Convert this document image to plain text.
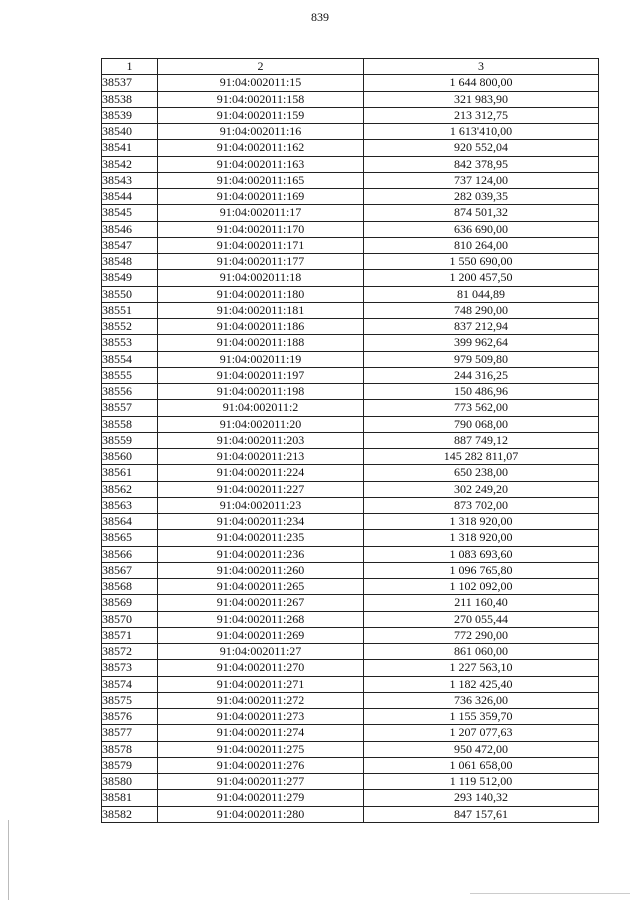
839
1	2	3
38537	91:04:002011:15	1 644 800,00
38538	91:04:002011:158	321 983,90
38539	91:04:002011:159	213 312,75
38540	91:04:002011:16	1 613'410,00
38541	91:04:002011:162	920 552,04
38542	91:04:002011:163	842 378,95
38543	91:04:002011:165	737 124,00
38544	91:04:002011:169	282 039,35
38545	91:04:002011:17	874 501,32
38546	91:04:002011:170	636 690,00
38547	91:04:002011:171	810 264,00
38548	91:04:002011:177	1 550 690,00
38549	91:04:002011:18	1 200 457,50
38550	91:04:002011:180	81 044,89
38551	91:04:002011:181	748 290,00
38552	91:04:002011:186	837 212,94
38553	91:04:002011:188	399 962,64
38554	91:04:002011:19	979 509,80
38555	91:04:002011:197	244 316,25
38556	91:04:002011:198	150 486,96
38557	91:04:002011:2	773 562,00
38558	91:04:002011:20	790 068,00
38559	91:04:002011:203	887 749,12
38560	91:04:002011:213	145 282 811,07
38561	91:04:002011:224	650 238,00
38562	91:04:002011:227	302 249,20
38563	91:04:002011:23	873 702,00
38564	91:04:002011:234	1 318 920,00
38565	91:04:002011:235	1 318 920,00
38566	91:04:002011:236	1 083 693,60
38567	91:04:002011:260	1 096 765,80
38568	91:04:002011:265	1 102 092,00
38569	91:04:002011:267	211 160,40
38570	91:04:002011:268	270 055,44
38571	91:04:002011:269	772 290,00
38572	91:04:002011:27	861 060,00
38573	91:04:002011:270	1 227 563,10
38574	91:04:002011:271	1 182 425,40
38575	91:04:002011:272	736 326,00
38576	91:04:002011:273	1 155 359,70
38577	91:04:002011:274	1 207 077,63
38578	91:04:002011:275	950 472,00
38579	91:04:002011:276	1 061 658,00
38580	91:04:002011:277	1 119 512,00
38581	91:04:002011:279	293 140,32
38582	91:04:002011:280	847 157,61
